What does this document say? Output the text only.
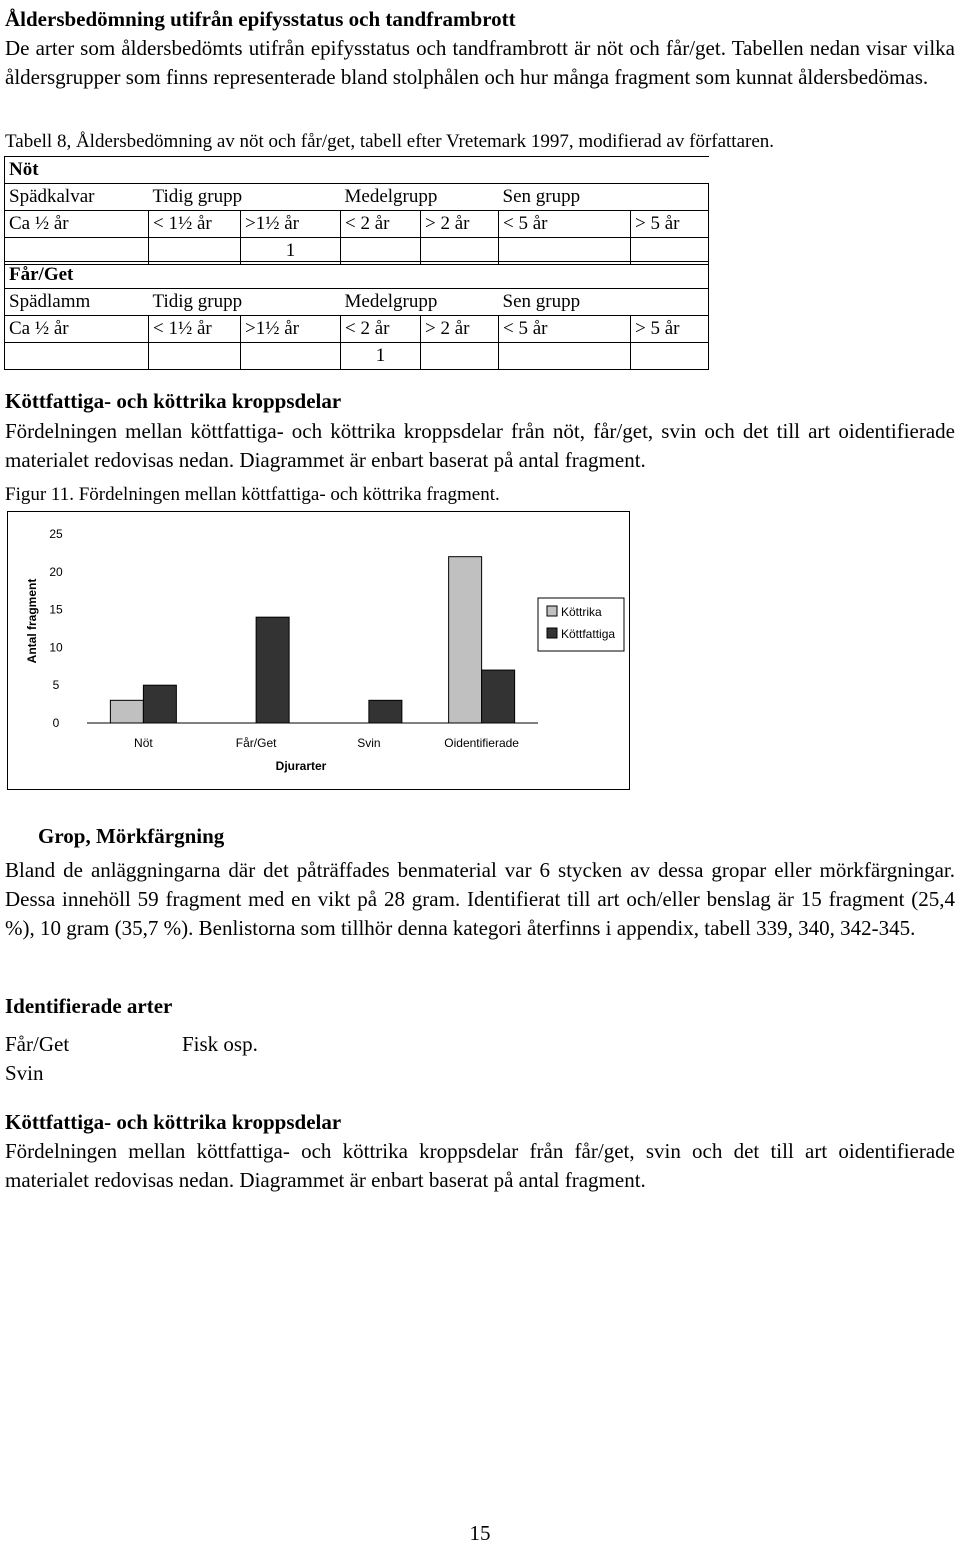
Åldersbedömning utifrån epifysstatus och tandframbrott
De arter som åldersbedömts utifrån epifysstatus och tandframbrott är nöt och får/get. Tabellen nedan visar vilka åldersgrupper som finns representerade bland stolphålen och hur många fragment som kunnat åldersbedömas.
Tabell 8, Åldersbedömning av nöt och får/get, tabell efter Vretemark 1997, modifierad av författaren.
Nöt						
Spädkalvar	Tidig grupp		Medelgrupp		Sen grupp	
Ca ½ år	< 1½ år	>1½ år	< 2 år	> 2 år	< 5 år	> 5 år
		1				
Får/Get						
Spädlamm	Tidig grupp		Medelgrupp		Sen grupp	
Ca ½ år	< 1½ år	>1½ år	< 2 år	> 2 år	< 5 år	> 5 år
			1			
Köttfattiga- och köttrika kroppsdelar
Fördelningen mellan köttfattiga- och köttrika kroppsdelar från nöt, får/get, svin och det till art oidentifierade materialet redovisas nedan. Diagrammet är enbart baserat på antal fragment.
Figur 11. Fördelningen mellan köttfattiga- och köttrika fragment.
0
5
10
15
20
25
Nöt	Får/Get	Svin	Oidentifierade
Antal fragment
Djurarter
Köttrika
Köttfattiga
Grop, Mörkfärgning
Bland de anläggningarna där det påträffades benmaterial var 6 stycken av dessa gropar eller mörkfärgningar. Dessa innehöll 59 fragment med en vikt på 28 gram. Identifierat till art och/eller benslag är 15 fragment (25,4 %), 10 gram (35,7 %). Benlistorna som tillhör denna kategori återfinns i appendix, tabell 339, 340, 342-345.
Identifierade arter
Får/Get
Svin
Fisk osp.
Köttfattiga- och köttrika kroppsdelar
Fördelningen mellan köttfattiga- och köttrika kroppsdelar från får/get, svin och det till art oidentifierade materialet redovisas nedan. Diagrammet är enbart baserat på antal fragment.
15
